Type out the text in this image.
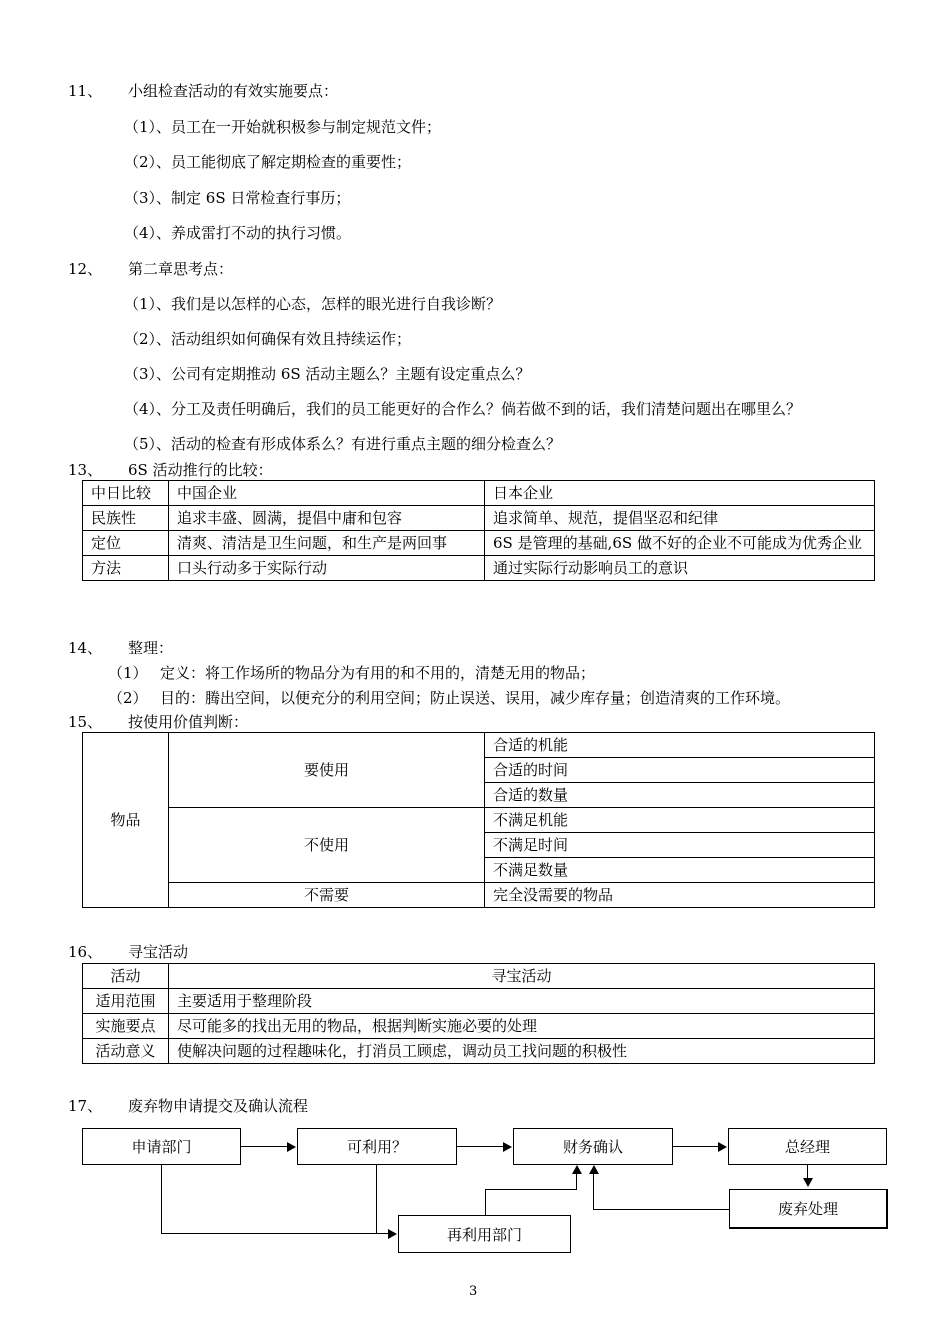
11、 小组检查活动的有效实施要点：
（1）、员工在一开始就积极参与制定规范文件；
（2）、员工能彻底了解定期检查的重要性；
（3）、制定 6S 日常检查行事历；
（4）、养成雷打不动的执行习惯。
12、 第二章思考点：
（1）、我们是以怎样的心态，怎样的眼光进行自我诊断？
（2）、活动组织如何确保有效且持续运作；
（3）、公司有定期推动 6S 活动主题么？主题有设定重点么？
（4）、分工及责任明确后，我们的员工能更好的合作么？倘若做不到的话，我们清楚问题出在哪里么？
（5）、活动的检查有形成体系么？有进行重点主题的细分检查么？
13、 6S 活动推行的比较：
中日比较	中国企业	日本企业
民族性	追求丰盛、圆满，提倡中庸和包容	追求简单、规范，提倡坚忍和纪律
定位	清爽、清洁是卫生问题，和生产是两回事	6S 是管理的基础,6S 做不好的企业不可能成为优秀企业
方法	口头行动多于实际行动	通过实际行动影响员工的意识
14、 整理：
（1） 定义：将工作场所的物品分为有用的和不用的，清楚无用的物品；
（2） 目的：腾出空间，以便充分的利用空间；防止误送、误用，减少库存量；创造清爽的工作环境。
15、 按使用价值判断：
物品	要使用	合适的机能
		合适的时间
		合适的数量
	不使用	不满足机能
		不满足时间
		不满足数量
	不需要	完全没需要的物品
16、 寻宝活动
活动	寻宝活动
适用范围	主要适用于整理阶段
实施要点	尽可能多的找出无用的物品，根据判断实施必要的处理
活动意义	使解决问题的过程趣味化，打消员工顾虑，调动员工找问题的积极性
17、 废弃物申请提交及确认流程
申请部门	可利用？	财务确认	总经理
废弃处理
再利用部门
3
